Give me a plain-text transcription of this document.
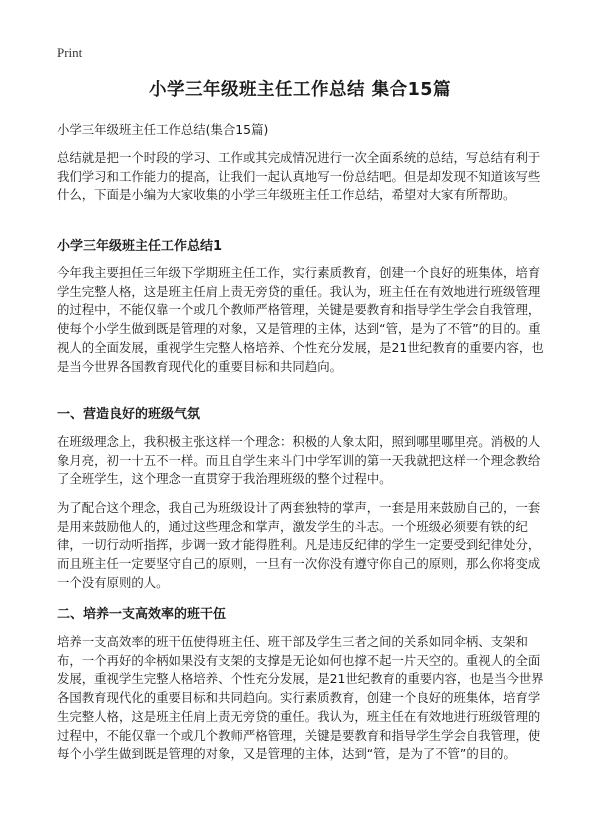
Print
小学三年级班主任工作总结 集合15篇
小学三年级班主任工作总结(集合15篇)
总结就是把一个时段的学习、工作或其完成情况进行一次全面系统的总结，写总结有利于我们学习和工作能力的提高，让我们一起认真地写一份总结吧。但是却发现不知道该写些什么，下面是小编为大家收集的小学三年级班主任工作总结，希望对大家有所帮助。
小学三年级班主任工作总结1
今年我主要担任三年级下学期班主任工作，实行素质教育，创建一个良好的班集体，培育学生完整人格，这是班主任肩上责无旁贷的重任。我认为，班主任在有效地进行班级管理的过程中，不能仅靠一个或几个教师严格管理，关键是要教育和指导学生学会自我管理，使每个小学生做到既是管理的对象，又是管理的主体，达到“管，是为了不管”的目的。重视人的全面发展，重视学生完整人格培养、个性充分发展，是21世纪教育的重要内容，也是当今世界各国教育现代化的重要目标和共同趋向。
一、营造良好的班级气氛
在班级理念上，我积极主张这样一个理念：积极的人象太阳，照到哪里哪里亮。消极的人象月亮，初一十五不一样。而且自学生来斗门中学军训的第一天我就把这样一个理念教给了全班学生，这个理念一直贯穿于我治理班级的整个过程中。
为了配合这个理念，我自己为班级设计了两套独特的掌声，一套是用来鼓励自己的，一套是用来鼓励他人的，通过这些理念和掌声，激发学生的斗志。一个班级必须要有铁的纪律，一切行动听指挥，步调一致才能得胜利。凡是违反纪律的学生一定要受到纪律处分，而且班主任一定要坚守自己的原则，一旦有一次你没有遵守你自己的原则，那么你将变成一个没有原则的人。
二、培养一支高效率的班干伍
培养一支高效率的班干伍使得班主任、班干部及学生三者之间的关系如同伞柄、支架和布，一个再好的伞柄如果没有支架的支撑是无论如何也撑不起一片天空的。重视人的全面发展，重视学生完整人格培养、个性充分发展，是21世纪教育的重要内容，也是当今世界各国教育现代化的重要目标和共同趋向。实行素质教育，创建一个良好的班集体，培育学生完整人格，这是班主任肩上责无旁贷的重任。我认为，班主任在有效地进行班级管理的过程中，不能仅靠一个或几个教师严格管理，关键是要教育和指导学生学会自我管理，使每个小学生做到既是管理的对象，又是管理的主体，达到“管，是为了不管”的目的。
